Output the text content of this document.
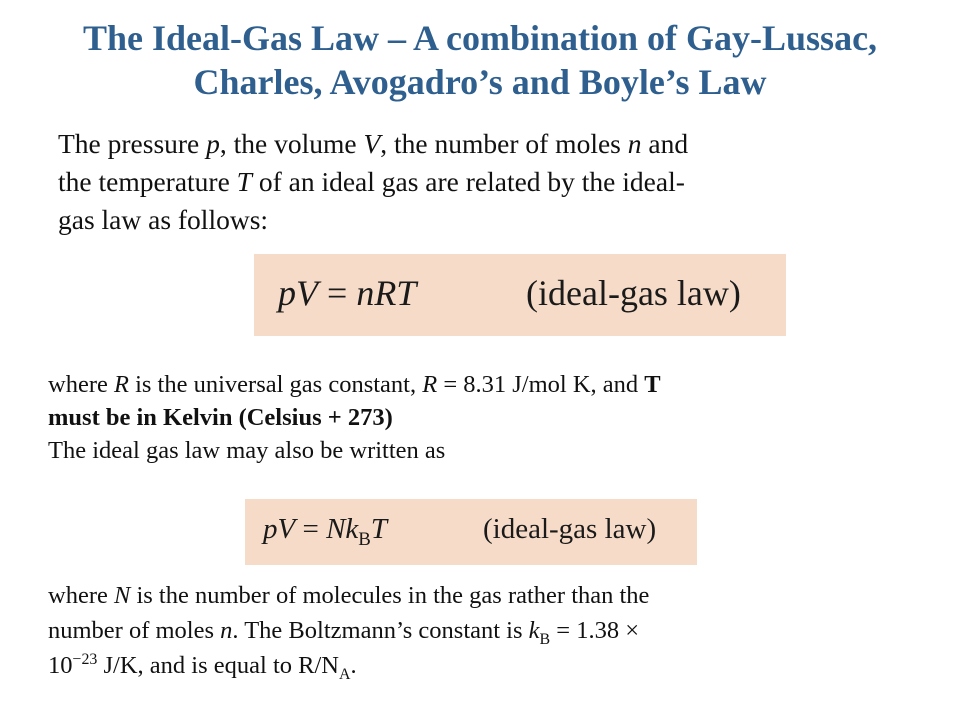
The Ideal-Gas Law – A combination of Gay-Lussac,
Charles, Avogadro’s and Boyle’s Law
The pressure p, the volume V, the number of moles n and
the temperature T of an ideal gas are related by the ideal-
gas law as follows:
pV = nRT	(ideal-gas law)
where R is the universal gas constant, R = 8.31 J/mol K, and T
must be in Kelvin (Celsius + 273)
The ideal gas law may also be written as
pV = $Nk_BT$	(ideal-gas law)
where N is the number of molecules in the gas rather than the
number of moles n. The Boltzmann’s constant is $k_B = 1.38$ ×
$10^{-23}$ J/K, and is equal to $R/N_A$.
